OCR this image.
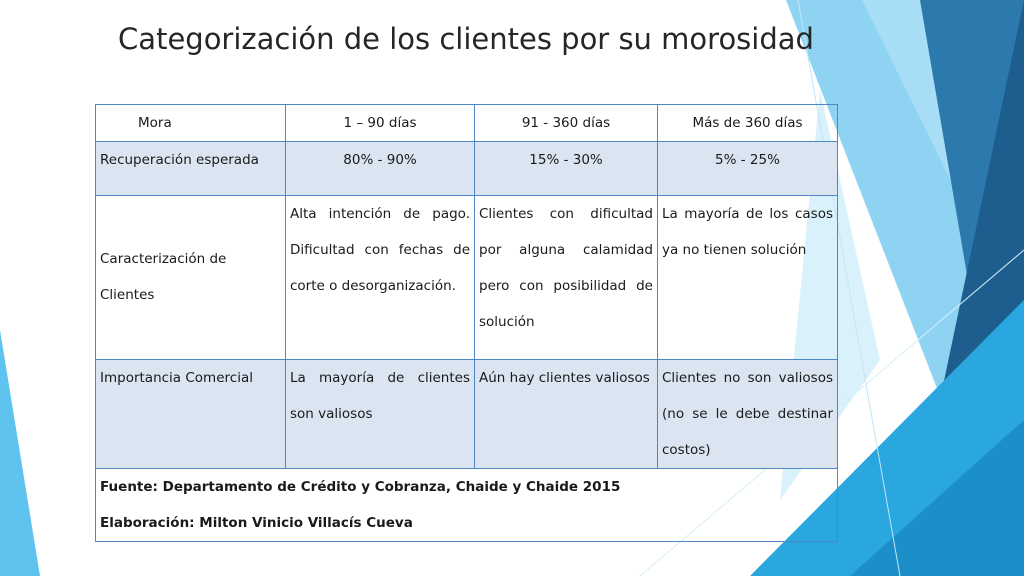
Categorización de los clientes por su morosidad
Mora	1 – 90 días	91 - 360 días	Más de 360 días
Recuperación esperada	80% - 90%	15% - 30%	5% - 25%
Caracterización de Clientes	Alta intención de pago. Dificultad con fechas de corte o desorganización.	Clientes con dificultad por alguna calamidad pero con posibilidad de solución	La mayoría de los casos ya no tienen solución
Importancia Comercial	La mayoría de clientes son valiosos	Aún hay clientes valiosos	Clientes no son valiosos (no se le debe destinar costos)

Fuente: Departamento de Crédito y Cobranza, Chaide y Chaide 2015
Elaboración: Milton Vinicio Villacís Cueva			
